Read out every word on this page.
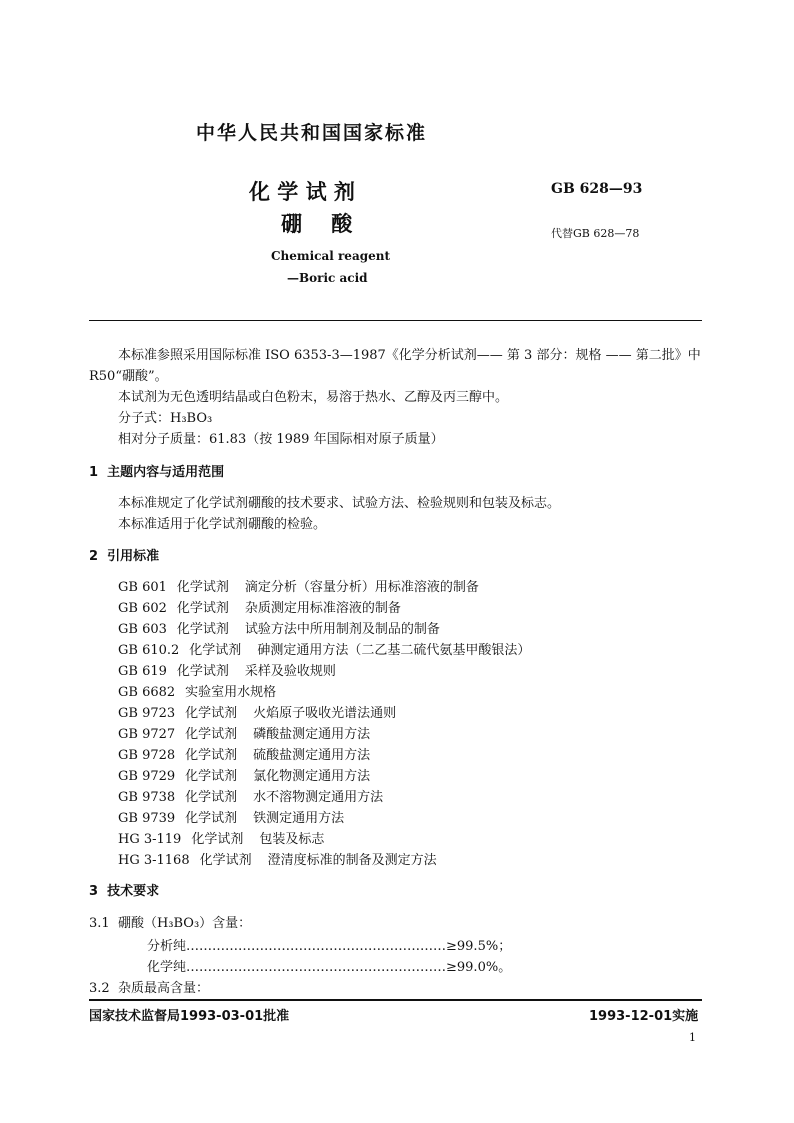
中华人民共和国国家标准
化 学 试 剂
硼    酸
GB 628—93
代替GB 628—78
Chemical reagent
—Boric acid
本标准参照采用国际标准 ISO 6353-3—1987《化学分析试剂—— 第 3 部分：规格 —— 第二批》中
R50“硼酸”。
本试剂为无色透明结晶或白色粉末，易溶于热水、乙醇及丙三醇中。
分子式：H₃BO₃
相对分子质量：61.83（按 1989 年国际相对原子质量）
1  主题内容与适用范围
本标准规定了化学试剂硼酸的技术要求、试验方法、检验规则和包装及标志。
本标准适用于化学试剂硼酸的检验。
2  引用标准
GB 601 化学试剂 滴定分析（容量分析）用标准溶液的制备
GB 602 化学试剂 杂质测定用标准溶液的制备
GB 603 化学试剂 试验方法中所用制剂及制品的制备
GB 610.2 化学试剂 砷测定通用方法（二乙基二硫代氨基甲酸银法）
GB 619 化学试剂 采样及验收规则
GB 6682 实验室用水规格
GB 9723 化学试剂 火焰原子吸收光谱法通则
GB 9727 化学试剂 磷酸盐测定通用方法
GB 9728 化学试剂 硫酸盐测定通用方法
GB 9729 化学试剂 氯化物测定通用方法
GB 9738 化学试剂 水不溶物测定通用方法
GB 9739 化学试剂 铁测定通用方法
HG 3-119 化学试剂 包装及标志
HG 3-1168 化学试剂 澄清度标准的制备及测定方法
3  技术要求
3.1  硼酸（H₃BO₃）含量：
分析纯……………………………………………………≥99.5%；
化学纯……………………………………………………≥99.0%。
3.2  杂质最高含量：
国家技术监督局1993-03-01批准	1993-12-01实施
1
